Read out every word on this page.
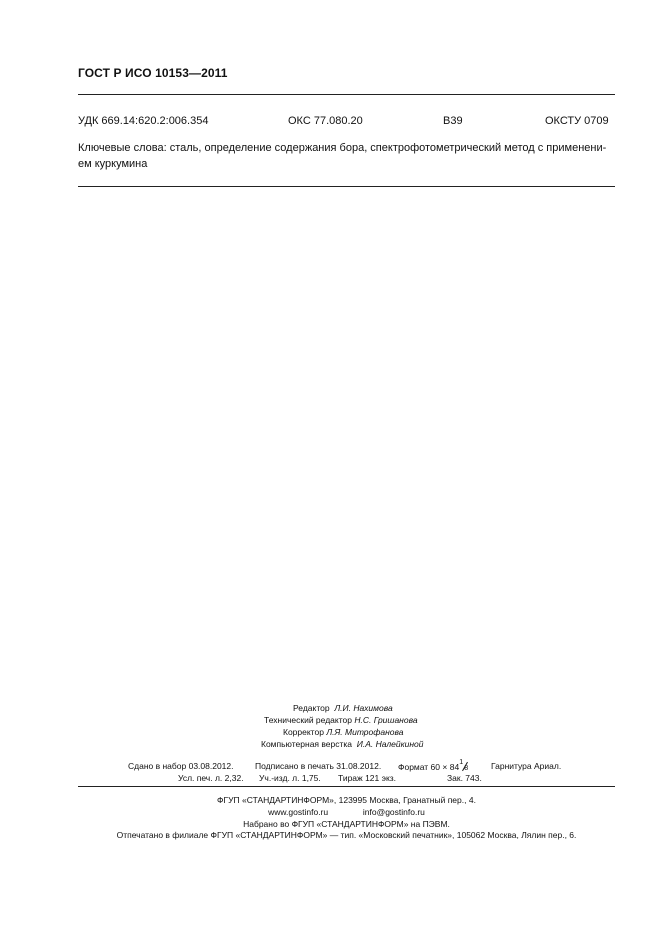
ГОСТ Р ИСО 10153—2011
УДК 669.14:620.2:006.354	ОКС 77.080.20	В39	ОКСТУ 0709
Ключевые слова: сталь, определение содержания бора, спектрофотометрический метод с применени-
ем куркумина
Редактор Л.И. Нахимова
Технический редактор Н.С. Гришанова
Корректор Л.Я. Митрофанова
Компьютерная верстка И.А. Налейкиной
Сдано в набор 03.08.2012.	Подписано в печать 31.08.2012. Формат 60 × 84 1
8	Гарнитура Ариал.
Усл. печ. л. 2,32. Уч.-изд. л. 1,75. Тираж 121 экз.	Зак. 743.
ФГУП «СТАНДАРТИНФОРМ», 123995 Москва, Гранатный пер., 4.
www.gostinfo.ru	info@gostinfo.ru
Набрано во ФГУП «СТАНДАРТИНФОРМ» на ПЭВМ.
Отпечатано в филиале ФГУП «СТАНДАРТИНФОРМ» — тип. «Московский печатник», 105062 Москва, Лялин пер., 6.
